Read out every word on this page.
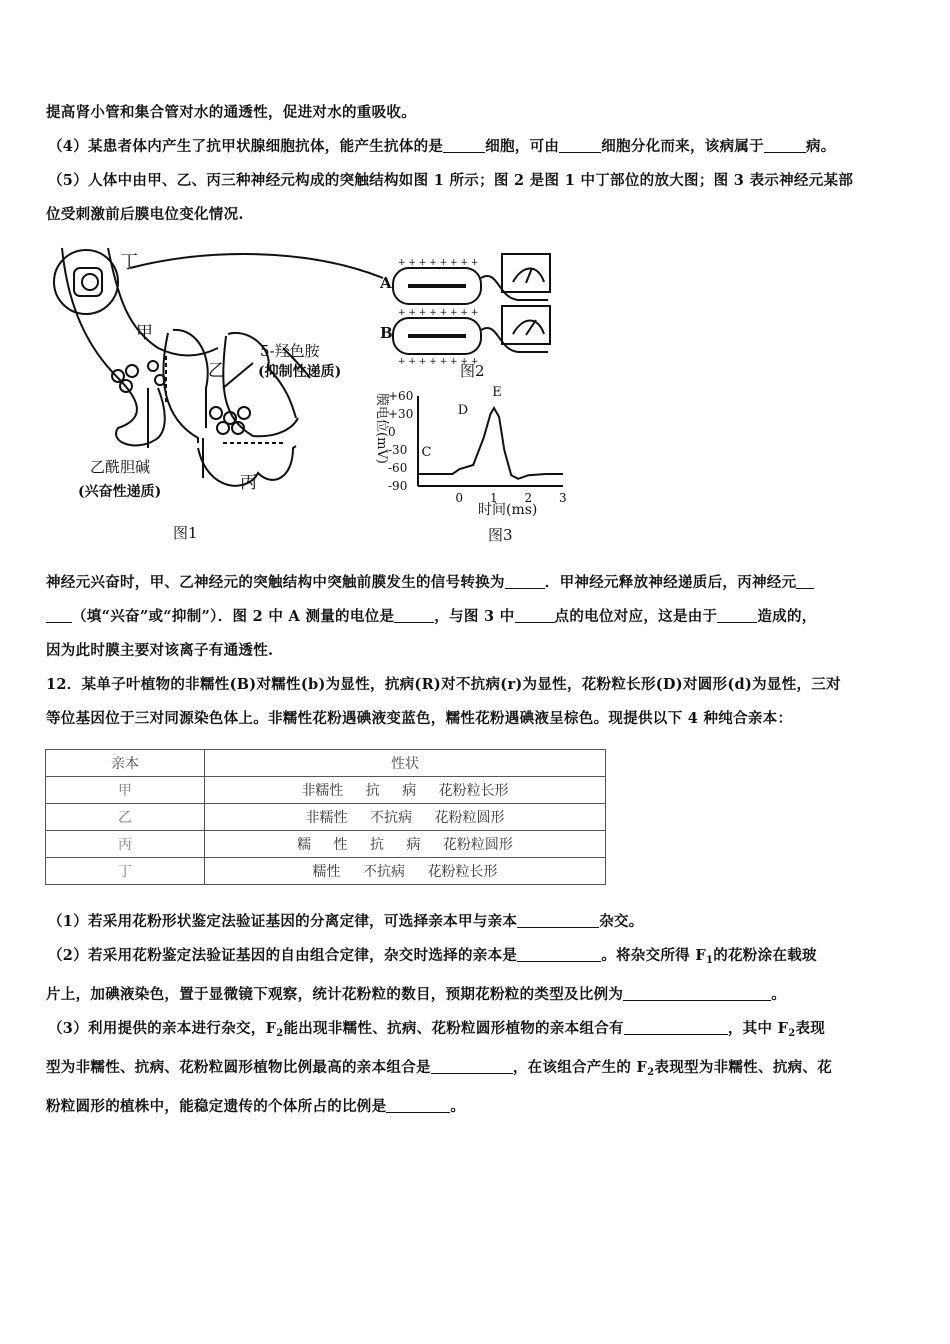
提高肾小管和集合管对水的通透性，促进对水的重吸收。

（4）某患者体内产生了抗甲状腺细胞抗体，能产生抗体的是	细胞，可由	细胞分化而来，该病属于	病。

（5）人体中由甲、乙、丙三种神经元构成的突触结构如图 1 所示；图 2 是图 1 中丁部位的放大图；图 3 表示神经元某部

位受刺激前后膜电位变化情况.

+ + + + + + + +
+ + + + + + + +
+ + + + + + + +
+60
+30
0
-30
-60
-90
0 1 2 3
C
D
E
丁
甲
乙
丙
5-羟色胺
(抑制性递质)
乙酰胆碱
(兴奋性递质)
A
B
图1
图2
图3
膜电位(mV)
时间(ms)

神经元兴奋时，甲、乙神经元的突触结构中突触前膜发生的信号转换为	．甲神经元释放神经递质后，丙神经元

（填“兴奋”或“抑制”）．图 2 中 A 测量的电位是	，与图 3 中	点的电位对应，这是由于	造成的，

因为此时膜主要对该离子有通透性.

12．某单子叶植物的非糯性(B)对糯性(b)为显性，抗病(R)对不抗病(r)为显性，花粉粒长形(D)对圆形(d)为显性，三对

等位基因位于三对同源染色体上。非糯性花粉遇碘液变蓝色，糯性花粉遇碘液呈棕色。现提供以下 4 种纯合亲本：

亲本	性状
甲	非糯性 抗 病 花粉粒长形
乙	非糯性 不抗病 花粉粒圆形
丙	糯 性 抗 病 花粉粒圆形
丁	糯性 不抗病 花粉粒长形

（1）若采用花粉形状鉴定法验证基因的分离定律，可选择亲本甲与亲本	杂交。

（2）若采用花粉鉴定法验证基因的自由组合定律，杂交时选择的亲本是	。将杂交所得 $F_1$的花粉涂在载玻

片上，加碘液染色，置于显微镜下观察，统计花粉粒的数目，预期花粉粒的类型及比例为	。

（3）利用提供的亲本进行杂交，$F_2$能出现非糯性、抗病、花粉粒圆形植物的亲本组合有	，其中 $F_2$表现

型为非糯性、抗病、花粉粒圆形植物比例最高的亲本组合是	，在该组合产生的 $F_2$表现型为非糯性、抗病、花

粉粒圆形的植株中，能稳定遗传的个体所占的比例是	。
